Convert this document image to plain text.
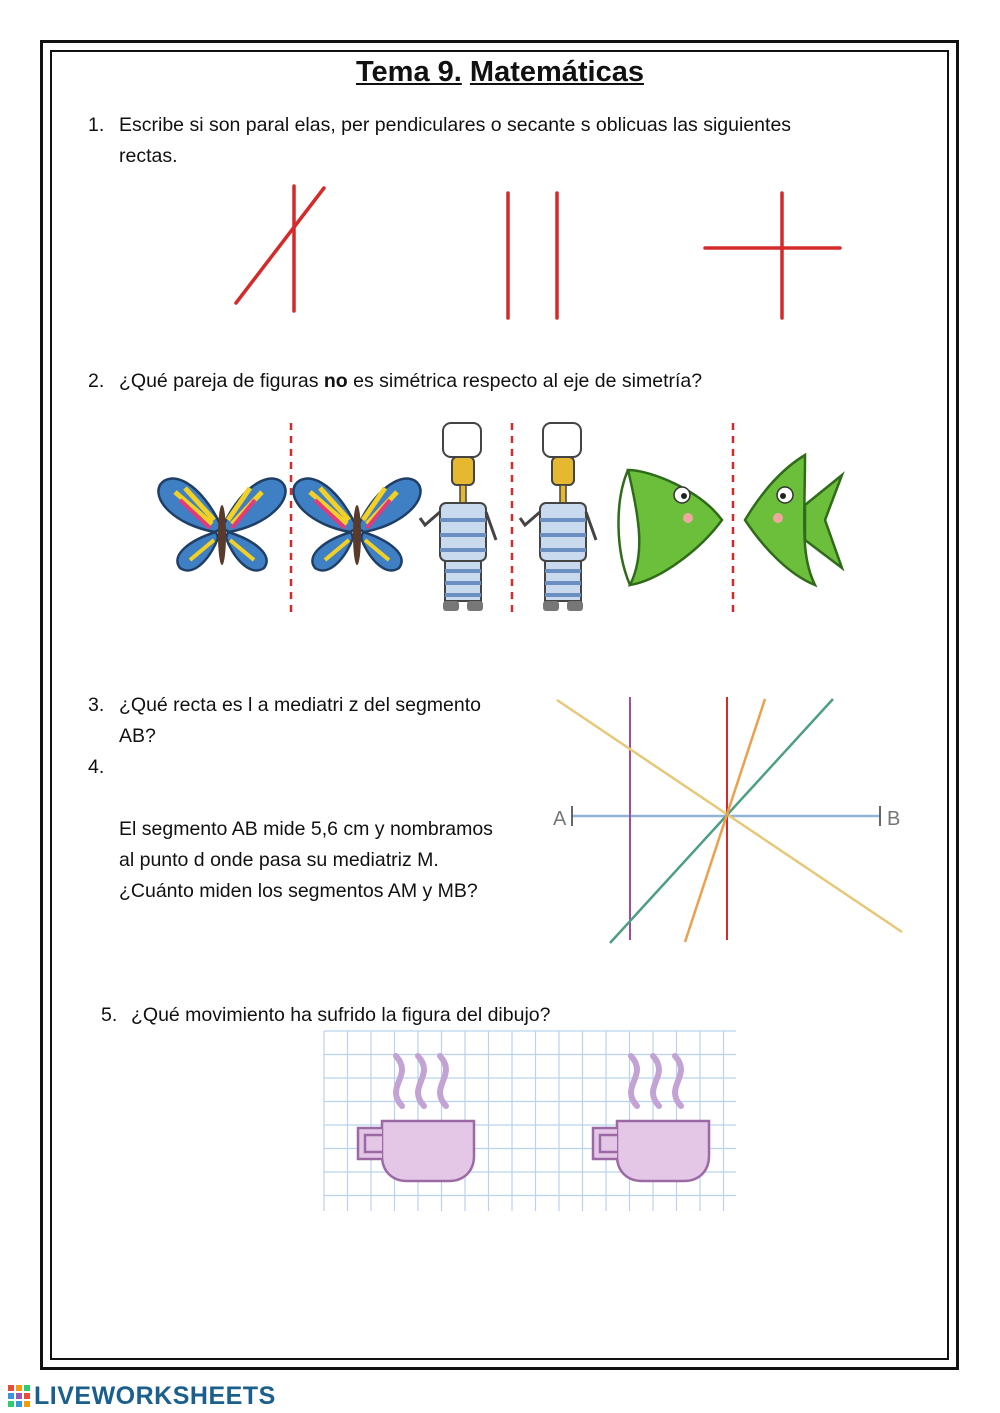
Tema 9. Matemáticas
1. Escribe si son paral elas, per pendiculares o secante s oblicuas las siguientes
rectas.
2. ¿Qué pareja de figuras no es simétrica respecto al eje de simetría?
3. ¿Qué recta es l a mediatri z del segmento
AB?
4.
El segmento AB mide 5,6 cm y nombramos
al punto d onde pasa su mediatriz M.
¿Cuánto miden los segmentos AM y MB?
A	B
5. ¿Qué movimiento ha sufrido la figura del dibujo?
LIVEWORKSHEETS
